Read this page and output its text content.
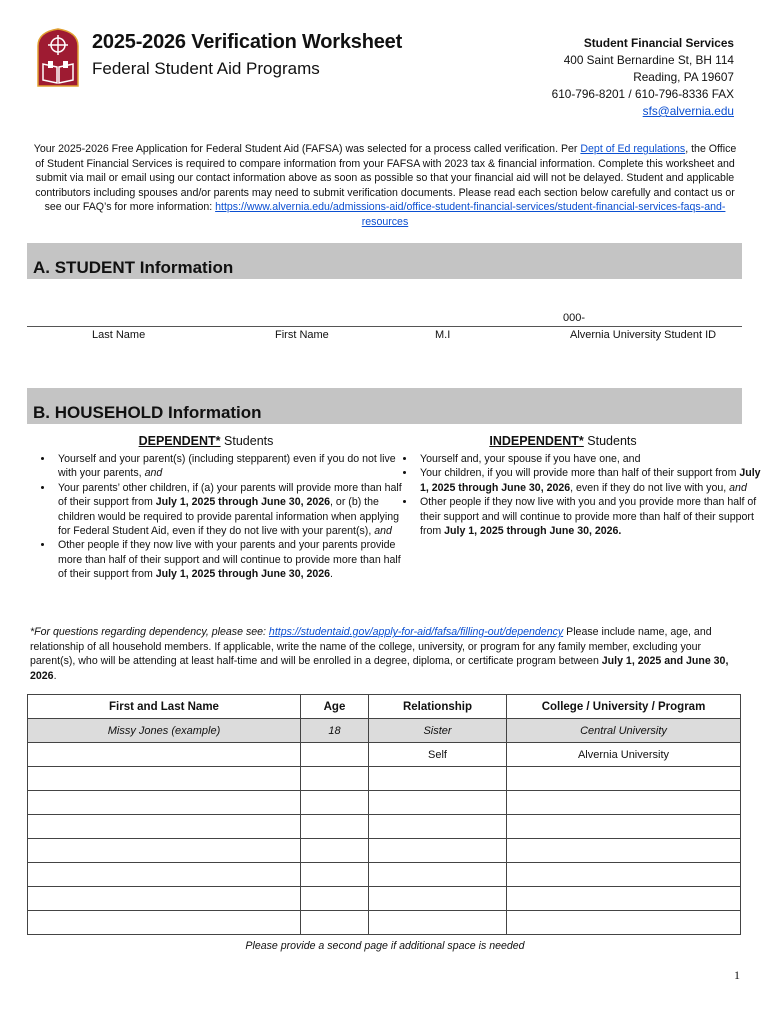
2025-2026 Verification Worksheet
Federal Student Aid Programs
Student Financial Services
400 Saint Bernardine St, BH 114
Reading, PA 19607
610-796-8201 / 610-796-8336 FAX
sfs@alvernia.edu
Your 2025-2026 Free Application for Federal Student Aid (FAFSA) was selected for a process called verification. Per Dept of Ed regulations, the Office of Student Financial Services is required to compare information from your FAFSA with 2023 tax & financial information. Complete this worksheet and submit via mail or email using our contact information above as soon as possible so that your financial aid will not be delayed. Student and applicable contributors including spouses and/or parents may need to submit verification documents. Please read each section below carefully and contact us or see our FAQ’s for more information: https://www.alvernia.edu/admissions-aid/office-student-financial-services/student-financial-services-faqs-and-resources
A. STUDENT Information
000-
Last Name	First Name	M.I	Alvernia University Student ID
B. HOUSEHOLD Information
DEPENDENT* Students	INDEPENDENT* Students
• Yourself and your parent(s) (including stepparent) even if you do not live with your parents, and
• Your parents’ other children, if (a) your parents will provide more than half of their support from July 1, 2025 through June 30, 2026, or (b) the children would be required to provide parental information when applying for Federal Student Aid, even if they do not live with your parent(s), and
• Other people if they now live with your parents and your parents provide more than half of their support and will continue to provide more than half of their support from July 1, 2025 through June 30, 2026.
• Yourself and, your spouse if you have one, and
• Your children, if you will provide more than half of their support from July 1, 2025 through June 30, 2026, even if they do not live with you, and
• Other people if they now live with you and you provide more than half of their support and will continue to provide more than half of their support from July 1, 2025 through June 30, 2026.
*For questions regarding dependency, please see: https://studentaid.gov/apply-for-aid/fafsa/filling-out/dependency Please include name, age, and relationship of all household members. If applicable, write the name of the college, university, or program for any family member, excluding your parent(s), who will be attending at least half-time and will be enrolled in a degree, diploma, or certificate program between July 1, 2025 and June 30, 2026.
First and Last Name	Age	Relationship	College / University / Program
Missy Jones (example)	18	Sister	Central University
		Self	Alvernia University

Please provide a second page if additional space is needed
1
